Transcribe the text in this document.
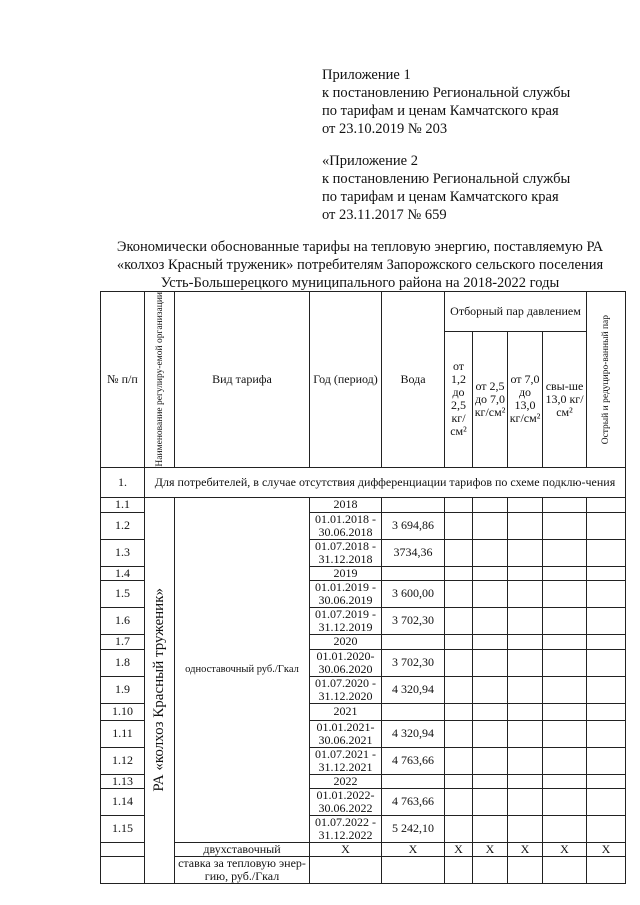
Приложение 1
к постановлению Региональной службы
по тарифам и ценам Камчатского края
от 23.10.2019 № 203
«Приложение 2
к постановлению Региональной службы
по тарифам и ценам Камчатского края
от 23.11.2017 № 659
Экономически обоснованные тарифы на тепловую энергию, поставляемую РА
«колхоз Красный труженик» потребителям Запорожского сельского поселения
Усть-Большерецкого муниципального района на 2018-2022 годы
№ п/п	Наименование регулиру-емой организации	Вид тарифа	Год (период)	Вода	Отборный пар давлением				Острый и редуциро-ванный пар

					от 1,2 до 2,5 кг/см²	от 2,5 до 7,0 кг/см²	от 7,0 до 13,0 кг/см²	свы-ше 13,0 кг/см²	
1.	Для потребителей, в случае отсутствия дифференциации тарифов по схеме подклю-чения								
1.1	РА «колхоз Красный труженик»	одноставочный руб./Гкал	2018						
1.2			01.01.2018 - 30.06.2018	3 694,86					
1.3			01.07.2018 - 31.12.2018	3734,36					
1.4			2019						
1.5			01.01.2019 - 30.06.2019	3 600,00					
1.6			01.07.2019 - 31.12.2019	3 702,30					
1.7			2020						
1.8			01.01.2020- 30.06.2020	3 702,30					
1.9			01.07.2020 - 31.12.2020	4 320,94					
1.10			2021						
1.11			01.01.2021- 30.06.2021	4 320,94					
1.12			01.07.2021 - 31.12.2021	4 763,66					
1.13			2022						
1.14			01.01.2022- 30.06.2022	4 763,66					
1.15			01.07.2022 - 31.12.2022	5 242,10					
		двухставочный	X	X	X	X	X	X	X
		ставка за тепловую энер-гию, руб./Гкал							
